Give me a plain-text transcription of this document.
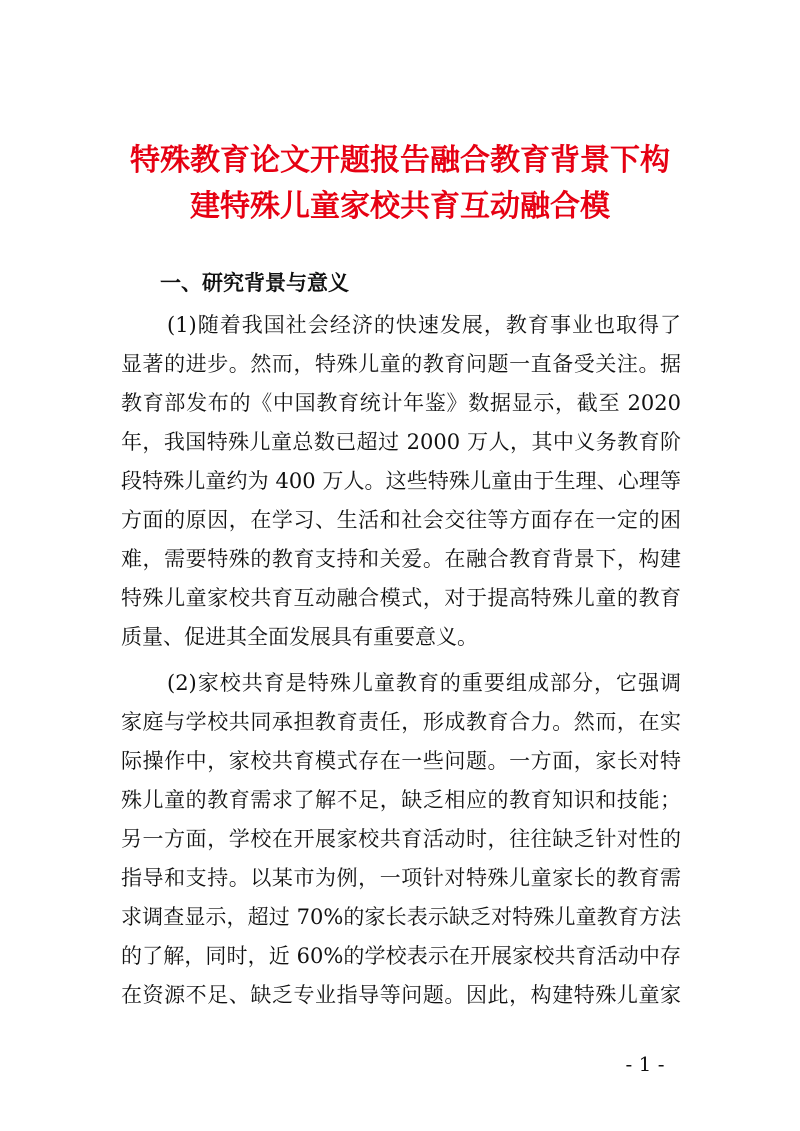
特殊教育论文开题报告融合教育背景下构
建特殊儿童家校共育互动融合模
一、研究背景与意义
(1)随着我国社会经济的快速发展，教育事业也取得了
显著的进步。然而，特殊儿童的教育问题一直备受关注。据
教育部发布的《中国教育统计年鉴》数据显示，截至 2020
年，我国特殊儿童总数已超过 2000 万人，其中义务教育阶
段特殊儿童约为 400 万人。这些特殊儿童由于生理、心理等
方面的原因，在学习、生活和社会交往等方面存在一定的困
难，需要特殊的教育支持和关爱。在融合教育背景下，构建
特殊儿童家校共育互动融合模式，对于提高特殊儿童的教育
质量、促进其全面发展具有重要意义。
(2)家校共育是特殊儿童教育的重要组成部分，它强调
家庭与学校共同承担教育责任，形成教育合力。然而，在实
际操作中，家校共育模式存在一些问题。一方面，家长对特
殊儿童的教育需求了解不足，缺乏相应的教育知识和技能；
另一方面，学校在开展家校共育活动时，往往缺乏针对性的
指导和支持。以某市为例，一项针对特殊儿童家长的教育需
求调查显示，超过 70%的家长表示缺乏对特殊儿童教育方法
的了解，同时，近 60%的学校表示在开展家校共育活动中存
在资源不足、缺乏专业指导等问题。因此，构建特殊儿童家
- 1 -
